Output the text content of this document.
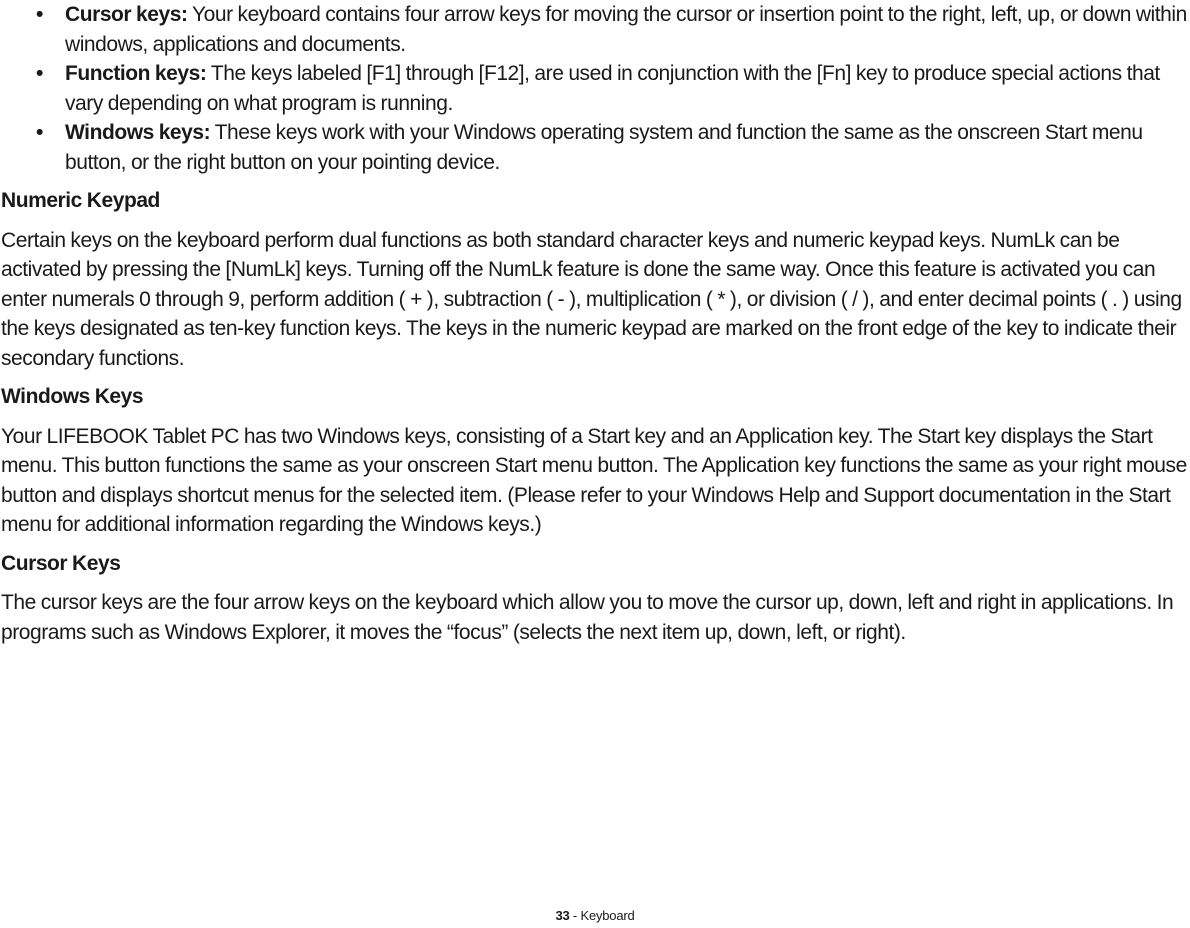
• Cursor keys: Your keyboard contains four arrow keys for moving the cursor or insertion point to the right, left, up, or down within windows, applications and documents.
• Function keys: The keys labeled [F1] through [F12], are used in conjunction with the [Fn] key to produce special actions that vary depending on what program is running.
• Windows keys: These keys work with your Windows operating system and function the same as the onscreen Start menu button, or the right button on your pointing device.
Numeric Keypad

Certain keys on the keyboard perform dual functions as both standard character keys and numeric keypad keys. NumLk can be activated by pressing the [NumLk] keys. Turning off the NumLk feature is done the same way. Once this feature is activated you can enter numerals 0 through 9, perform addition ( + ), subtraction ( - ), multiplication ( * ), or division ( / ), and enter decimal points ( . ) using the keys designated as ten-key function keys. The keys in the numeric keypad are marked on the front edge of the key to indicate their secondary functions.

Windows Keys

Your LIFEBOOK Tablet PC has two Windows keys, consisting of a Start key and an Application key. The Start key displays the Start menu. This button functions the same as your onscreen Start menu button. The Application key functions the same as your right mouse button and displays shortcut menus for the selected item. (Please refer to your Windows Help and Support documentation in the Start menu for additional information regarding the Windows keys.)

Cursor Keys

The cursor keys are the four arrow keys on the keyboard which allow you to move the cursor up, down, left and right in applications. In programs such as Windows Explorer, it moves the “focus” (selects the next item up, down, left, or right).

33 - Keyboard
